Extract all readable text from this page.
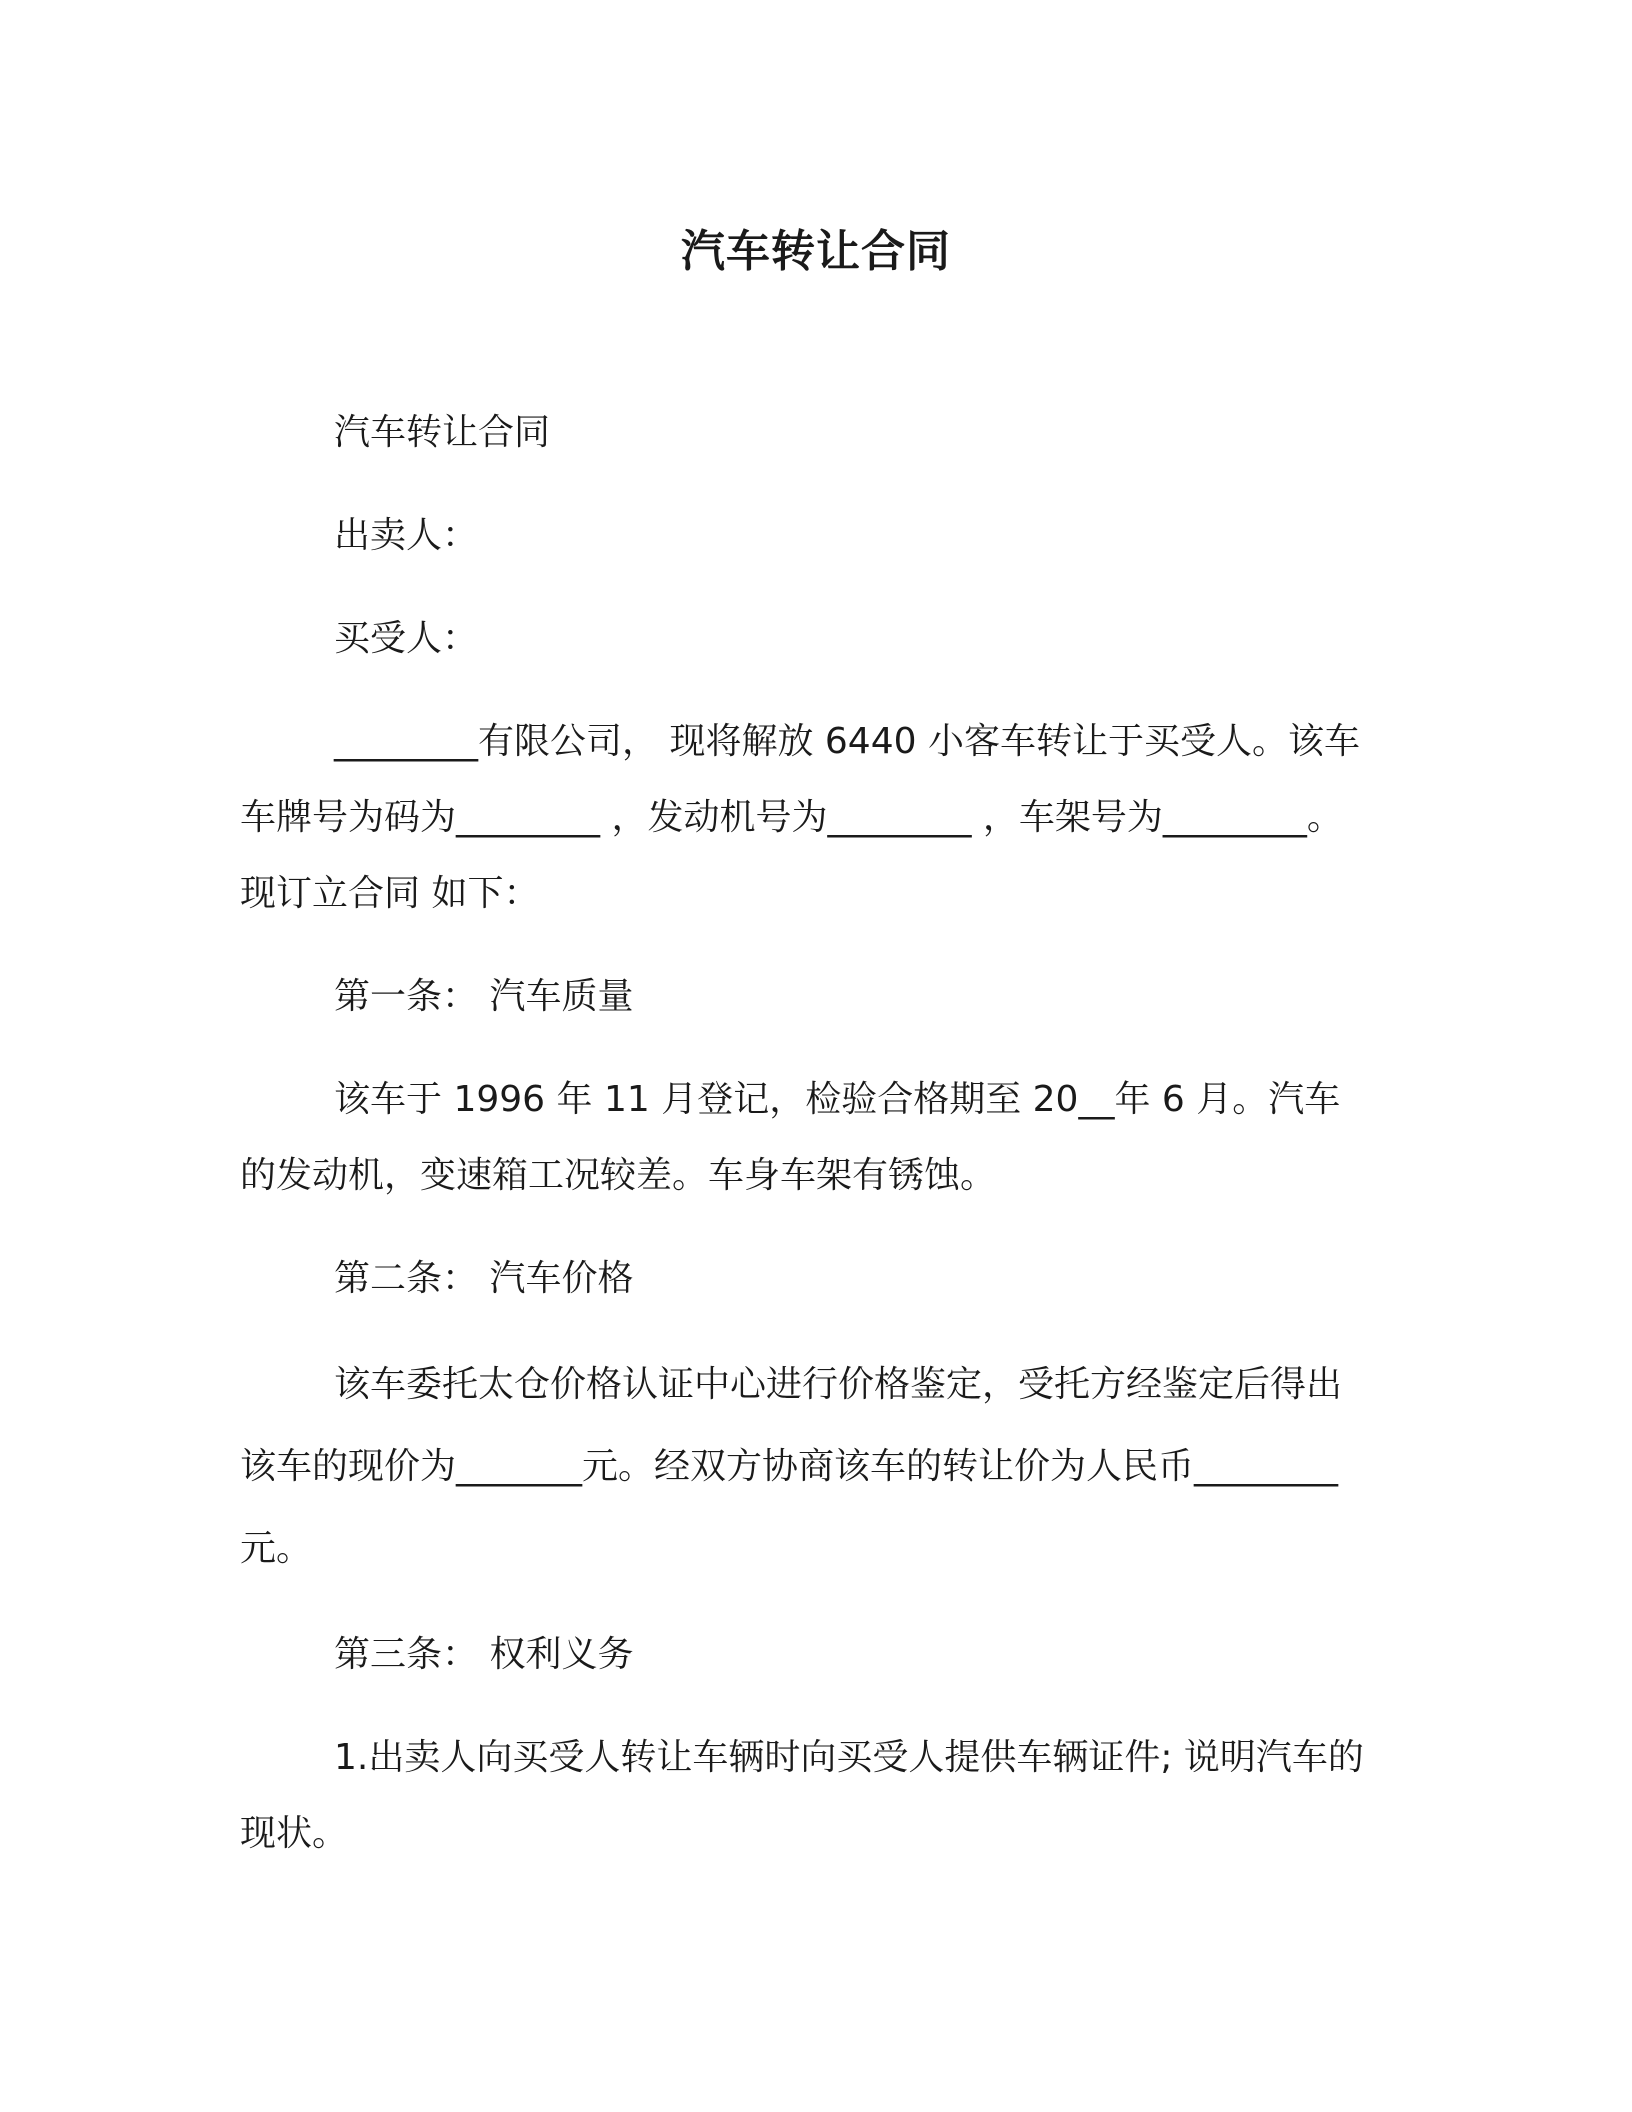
汽车转让合同

汽车转让合同

出卖人：

买受人：

________有限公司， 现将解放 6440 小客车转让于买受人。该车车牌号为码为________ ，发动机号为________ ，车架号为________。现订立合同 如下：

第一条： 汽车质量

该车于 1996 年 11 月登记，检验合格期至 20__年 6 月。汽车的发动机，变速箱工况较差。车身车架有锈蚀。

第二条： 汽车价格

该车委托太仓价格认证中心进行价格鉴定，受托方经鉴定后得出该车的现价为_______元。经双方协商该车的转让价为人民币________元。

第三条： 权利义务

1.出卖人向买受人转让车辆时向买受人提供车辆证件; 说明汽车的现状。
